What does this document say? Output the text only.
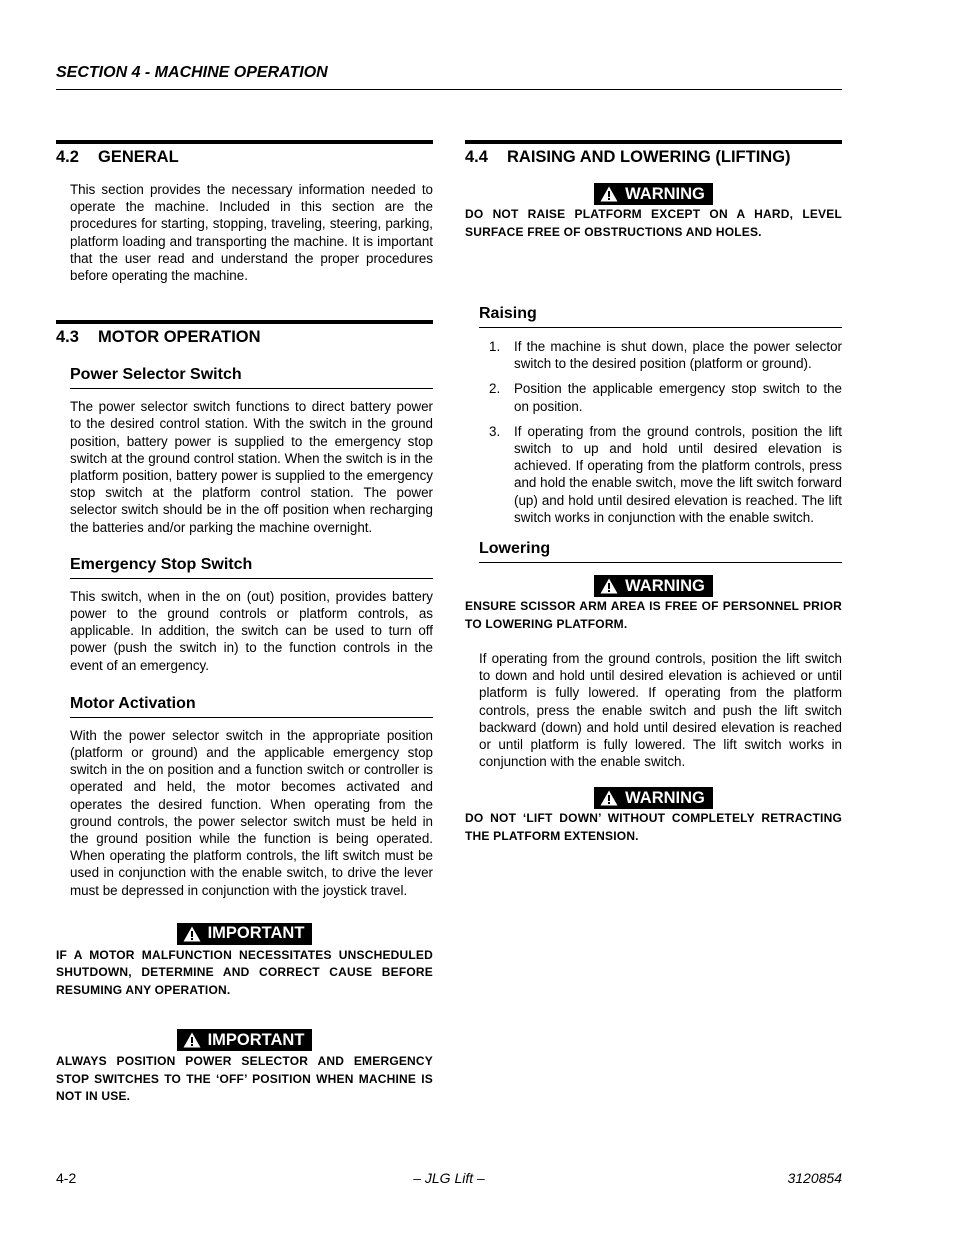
SECTION 4 - MACHINE OPERATION
4.2	GENERAL
This section provides the necessary information needed to operate the machine. Included in this section are the procedures for starting, stopping, traveling, steering, parking, platform loading and transporting the machine. It is important that the user read and understand the proper procedures before operating the machine.
4.3	MOTOR OPERATION
Power Selector Switch
The power selector switch functions to direct battery power to the desired control station. With the switch in the ground position, battery power is supplied to the emergency stop switch at the ground control station. When the switch is in the platform position, battery power is supplied to the emergency stop switch at the platform control station. The power selector switch should be in the off position when recharging the batteries and/or parking the machine overnight.
Emergency Stop Switch
This switch, when in the on (out) position, provides battery power to the ground controls or platform controls, as applicable. In addition, the switch can be used to turn off power (push the switch in) to the function controls in the event of an emergency.
Motor Activation
With the power selector switch in the appropriate position (platform or ground) and the applicable emergency stop switch in the on position and a function switch or controller is operated and held, the motor becomes activated and operates the desired function. When operating from the ground controls, the power selector switch must be held in the ground position while the function is being operated. When operating the platform controls, the lift switch must be used in conjunction with the enable switch, to drive the lever must be depressed in conjunction with the joystick travel.
IMPORTANT
IF A MOTOR MALFUNCTION NECESSITATES UNSCHEDULED SHUTDOWN, DETERMINE AND CORRECT CAUSE BEFORE RESUMING ANY OPERATION.
IMPORTANT
ALWAYS POSITION POWER SELECTOR AND EMERGENCY STOP SWITCHES TO THE ‘OFF’ POSITION WHEN MACHINE IS NOT IN USE.
4.4	RAISING AND LOWERING (LIFTING)
WARNING
DO NOT RAISE PLATFORM EXCEPT ON A HARD, LEVEL SURFACE FREE OF OBSTRUCTIONS AND HOLES.
Raising
1.	If the machine is shut down, place the power selector switch to the desired position (platform or ground).
2.	Position the applicable emergency stop switch to the on position.
3.	If operating from the ground controls, position the lift switch to up and hold until desired elevation is achieved. If operating from the platform controls, press and hold the enable switch, move the lift switch forward (up) and hold until desired elevation is reached. The lift switch works in conjunction with the enable switch.
Lowering
WARNING
ENSURE SCISSOR ARM AREA IS FREE OF PERSONNEL PRIOR TO LOWERING PLATFORM.
If operating from the ground controls, position the lift switch to down and hold until desired elevation is achieved or until platform is fully lowered. If operating from the platform controls, press the enable switch and push the lift switch backward (down) and hold until desired elevation is reached or until platform is fully lowered. The lift switch works in conjunction with the enable switch.
WARNING
DO NOT ‘LIFT DOWN’ WITHOUT COMPLETELY RETRACTING THE PLATFORM EXTENSION.
4-2	– JLG Lift –	3120854
